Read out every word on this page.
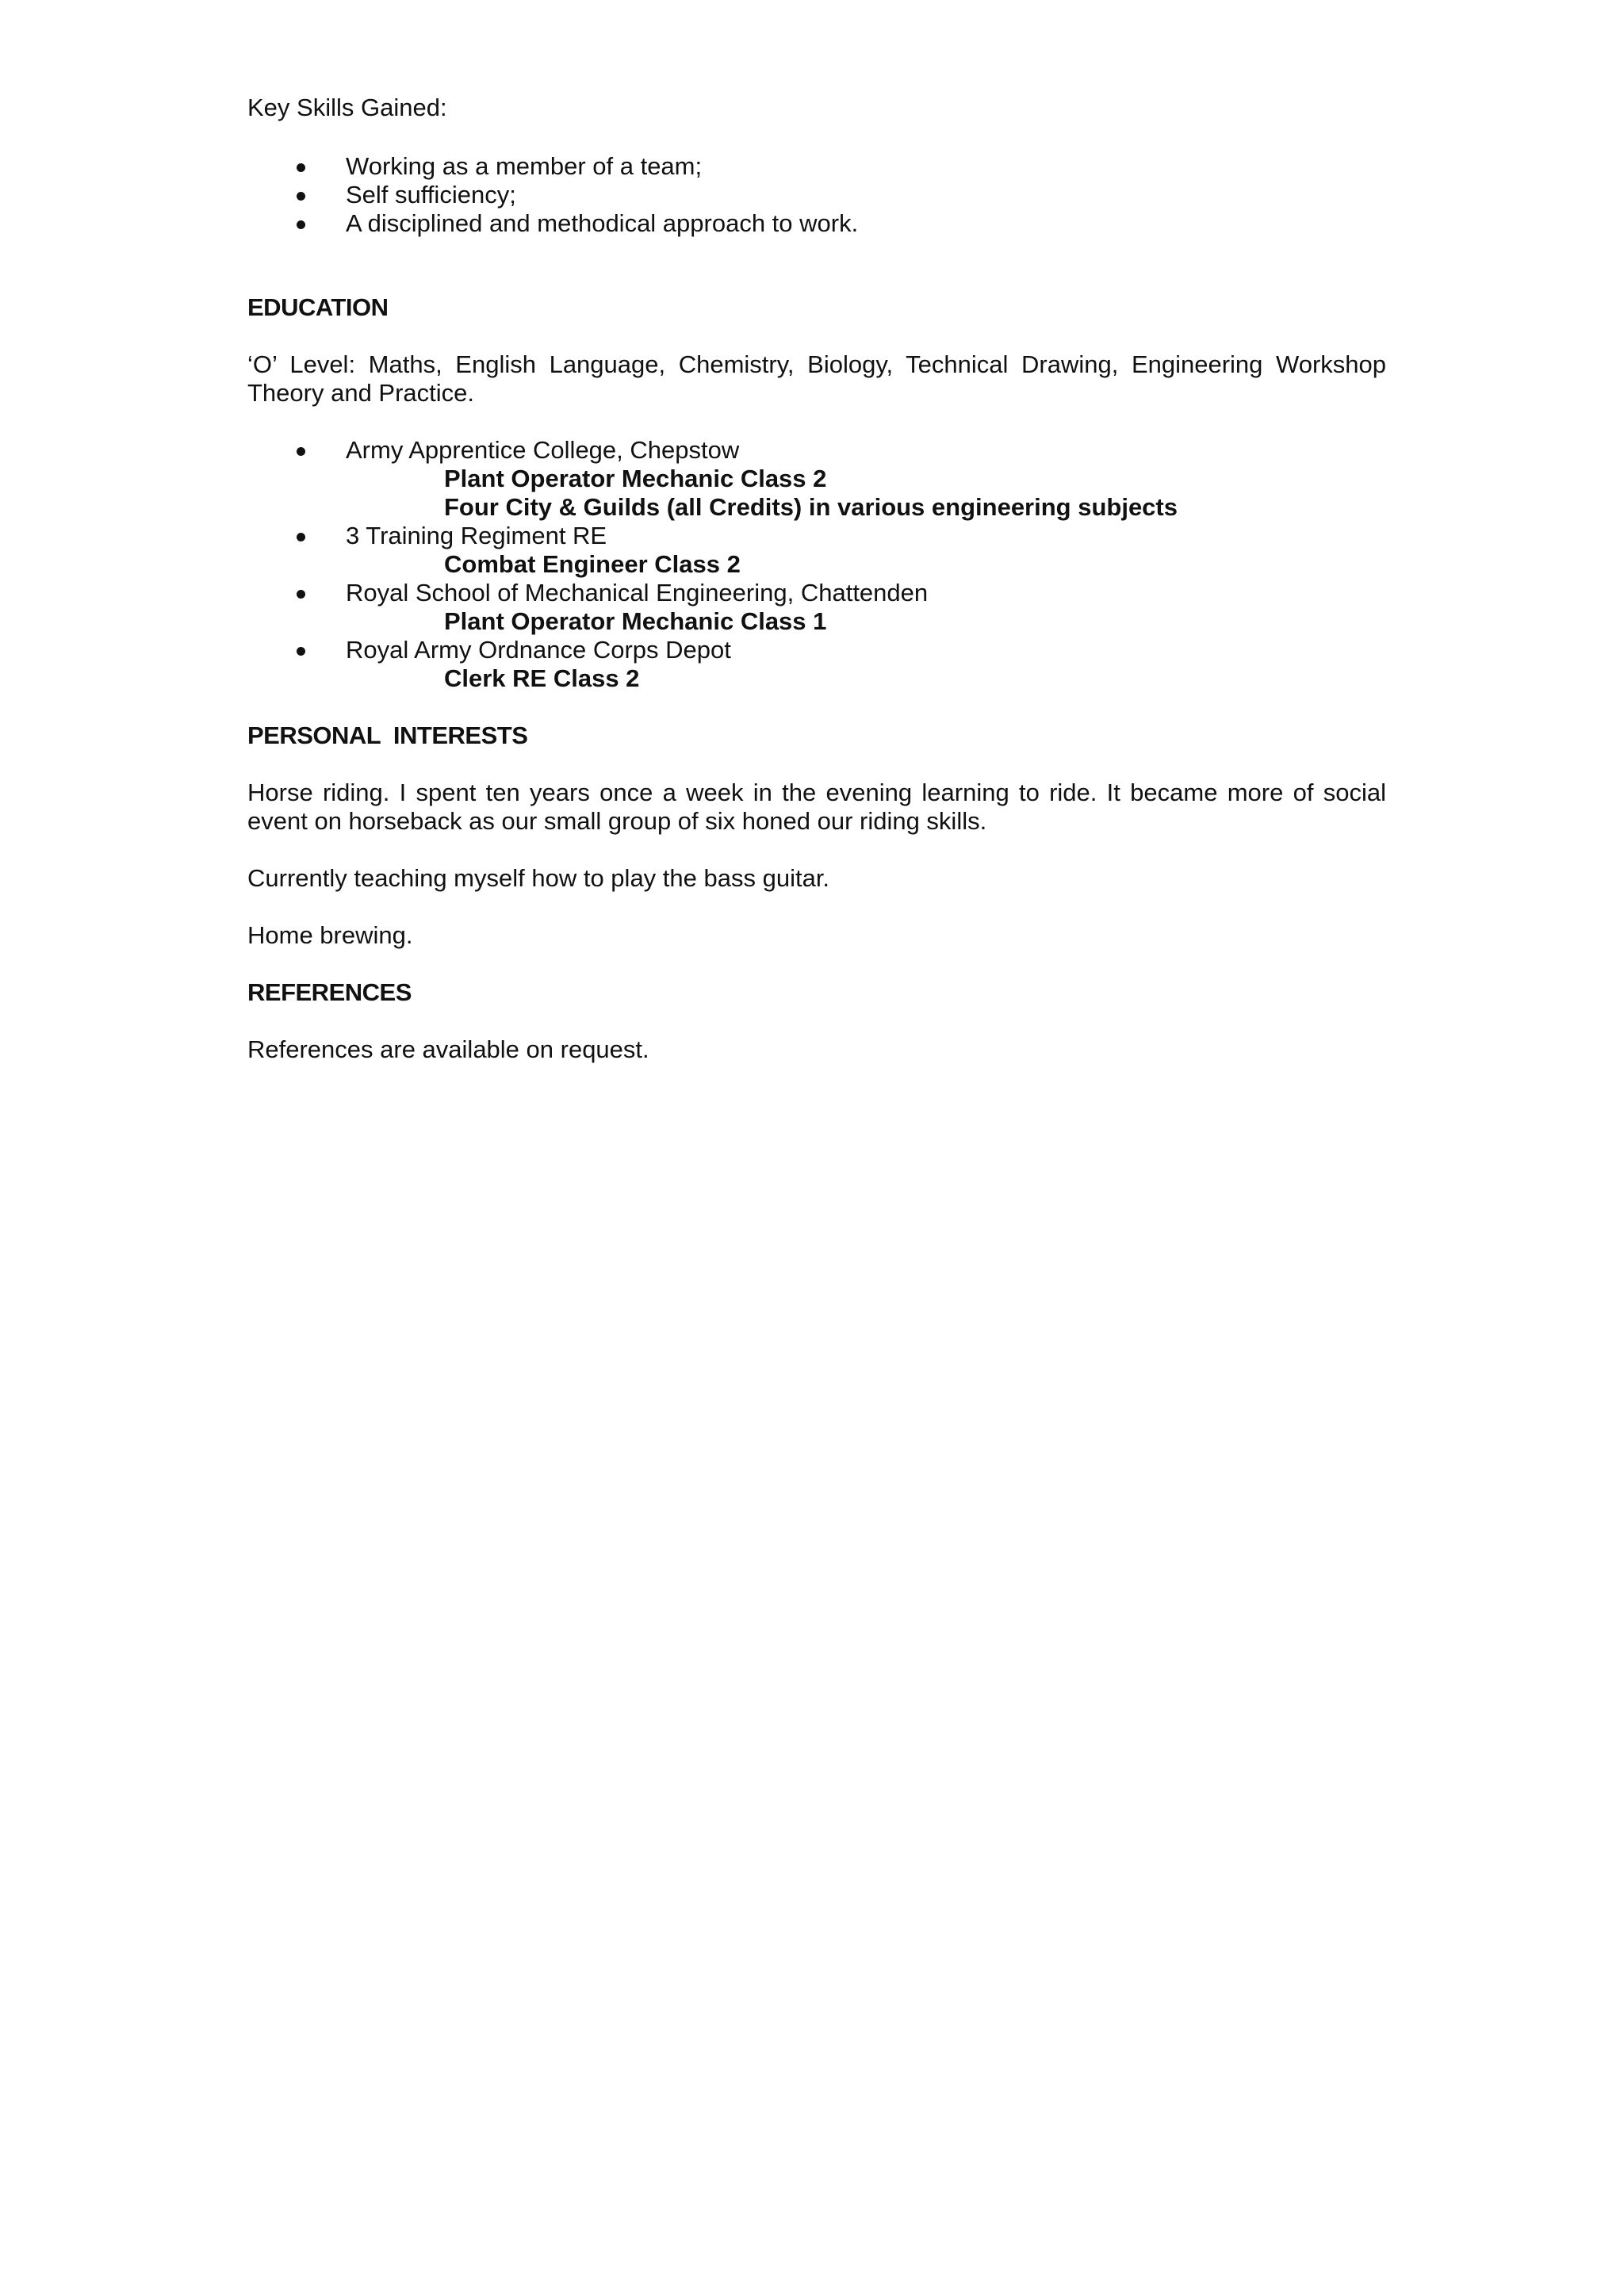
Key Skills Gained:

Working as a member of a team;
Self sufficiency;
A disciplined and methodical approach to work.

EDUCATION

‘O’ Level: Maths, English Language, Chemistry, Biology, Technical Drawing, Engineering Workshop Theory and Practice.

Army Apprentice College, Chepstow
Plant Operator Mechanic Class 2
Four City & Guilds (all Credits) in various engineering subjects
3 Training Regiment RE
Combat Engineer Class 2
Royal School of Mechanical Engineering, Chattenden
Plant Operator Mechanic Class 1
Royal Army Ordnance Corps Depot
Clerk RE Class 2

PERSONAL  INTERESTS

Horse riding. I spent ten years once a week in the evening learning to ride. It became more of social event on horseback as our small group of six honed our riding skills.

Currently teaching myself how to play the bass guitar.

Home brewing.

REFERENCES

References are available on request.
